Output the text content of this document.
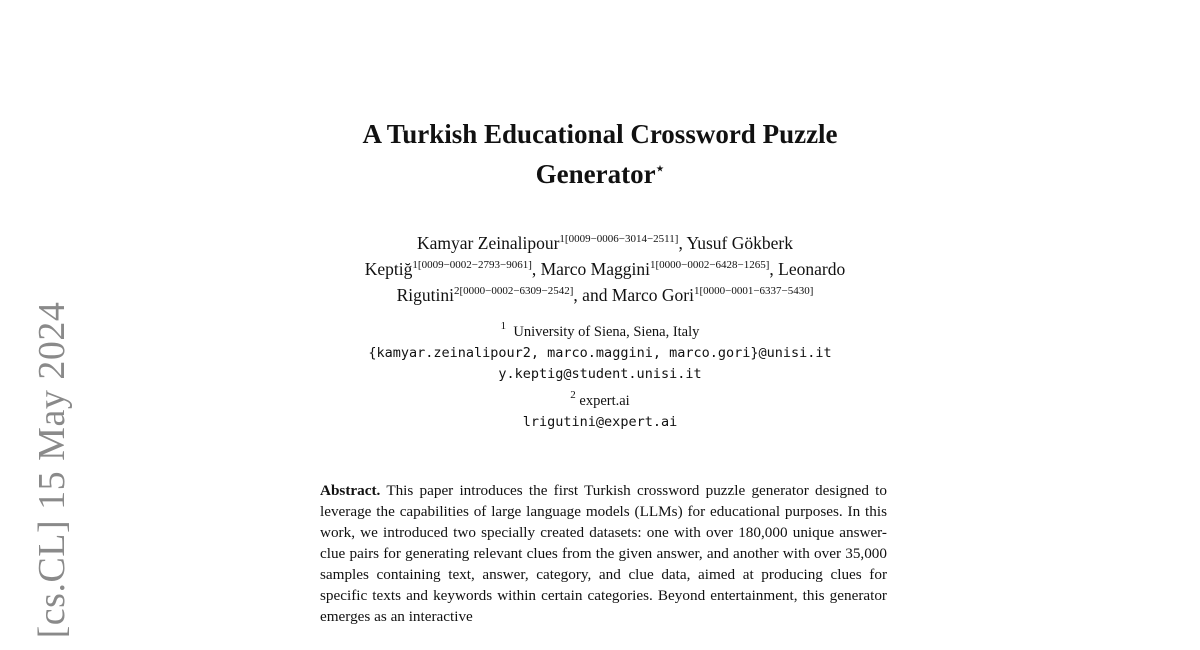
[cs.CL] 15 May 2024
A Turkish Educational Crossword Puzzle
Generator⋆
Kamyar Zeinalipour$^{1[0009-0006-3014-2511]}$, Yusuf Gökberk
Keptiğ$^{1[0009-0002-2793-9061]}$, Marco Maggini$^{1[0000-0002-6428-1265]}$, Leonardo
Rigutini$^{2[0000-0002-6309-2542]}$, and Marco Gori$^{1[0000-0001-6337-5430]}$
$^1$ University of Siena, Siena, Italy
{kamyar.zeinalipour2, marco.maggini, marco.gori}@unisi.it
y.keptig@student.unisi.it
$^2$ expert.ai
lrigutini@expert.ai
Abstract. This paper introduces the first Turkish crossword puzzle generator designed to leverage the capabilities of large language models (LLMs) for educational purposes. In this work, we introduced two specially created datasets: one with over 180,000 unique answer-clue pairs for generating relevant clues from the given answer, and another with over 35,000 samples containing text, answer, category, and clue data, aimed at producing clues for specific texts and keywords within certain categories. Beyond entertainment, this generator emerges as an interactive
